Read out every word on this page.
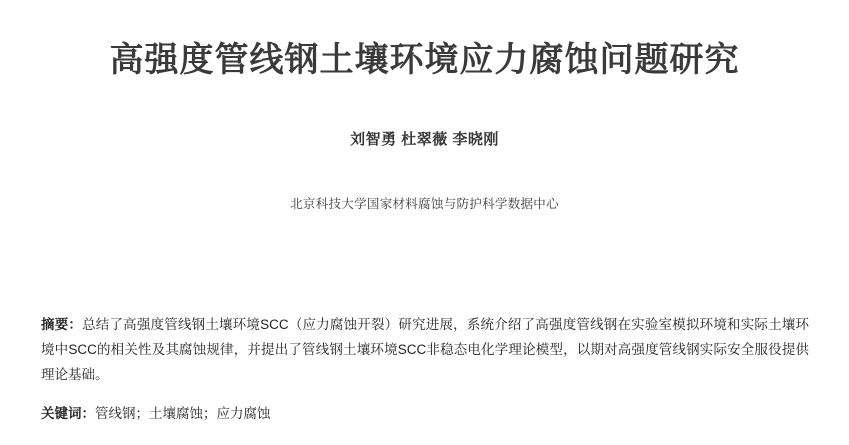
高强度管线钢土壤环境应力腐蚀问题研究
刘智勇 杜翠薇 李晓刚
北京科技大学国家材料腐蚀与防护科学数据中心

摘要：总结了高强度管线钢土壤环境SCC（应力腐蚀开裂）研究进展，系统介绍了高强度管线钢在实验室模拟环境和实际土壤环境中SCC的相关性及其腐蚀规律，并提出了管线钢土壤环境SCC非稳态电化学理论模型，以期对高强度管线钢实际安全服役提供理论基础。

关键词：管线钢；土壤腐蚀；应力腐蚀
